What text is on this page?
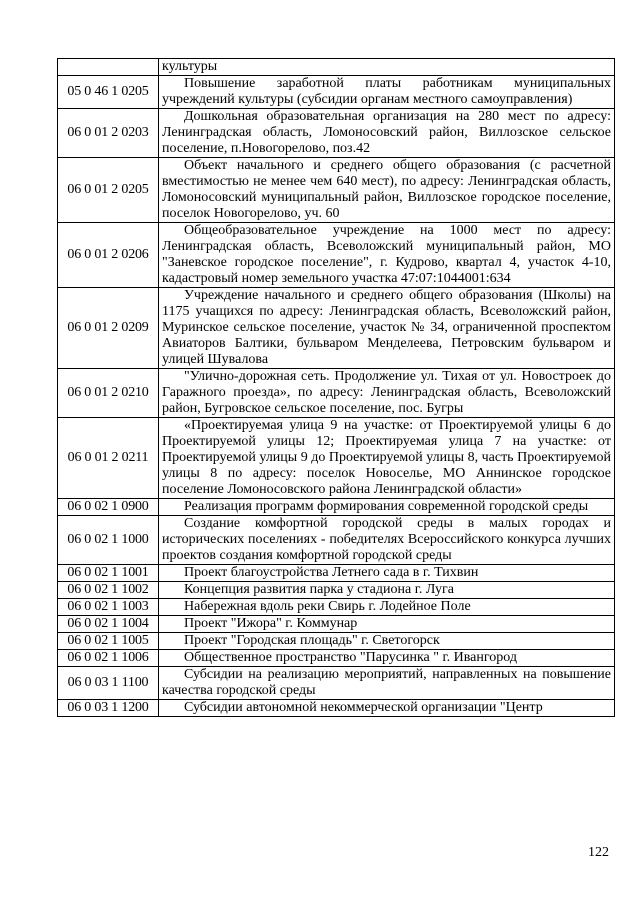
	культуры

05 0 46 1 0205	Повышение заработной платы работникам муниципальных учреждений культуры (субсидии органам местного самоуправления)

06 0 01 2 0203	Дошкольная образовательная организация на 280 мест по адресу: Ленинградская область, Ломоносовский район, Виллозское сельское поселение, п.Новогорелово, поз.42

06 0 01 2 0205	Объект начального и среднего общего образования (с расчетной вместимостью не менее чем 640 мест), по адресу: Ленинградская область, Ломоносовский муниципальный район, Виллозское городское поселение, поселок Новогорелово, уч. 60

06 0 01 2 0206	Общеобразовательное учреждение на 1000 мест по адресу: Ленинградская область, Всеволожский муниципальный район, МО "Заневское городское поселение", г. Кудрово, квартал 4, участок 4-10, кадастровый номер земельного участка 47:07:1044001:634

06 0 01 2 0209	Учреждение начального и среднего общего образования (Школы) на 1175 учащихся по адресу: Ленинградская область, Всеволожский район, Муринское сельское поселение, участок № 34, ограниченной проспектом Авиаторов Балтики, бульваром Менделеева, Петровским бульваром и улицей Шувалова

06 0 01 2 0210	"Улично-дорожная сеть. Продолжение ул. Тихая от ул. Новостроек до Гаражного проезда», по адресу: Ленинградская область, Всеволожский район, Бугровское сельское поселение, пос. Бугры

06 0 01 2 0211	«Проектируемая улица 9 на участке: от Проектируемой улицы 6 до Проектируемой улицы 12; Проектируемая улица 7 на участке: от Проектируемой улицы 9 до Проектируемой улицы 8, часть Проектируемой улицы 8 по адресу: поселок Новоселье, МО Аннинское городское поселение Ломоносовского района Ленинградской области»

06 0 02 1 0900	Реализация программ формирования современной городской среды

06 0 02 1 1000	Создание комфортной городской среды в малых городах и исторических поселениях - победителях Всероссийского конкурса лучших проектов создания комфортной городской среды

06 0 02 1 1001	Проект благоустройства Летнего сада в г. Тихвин

06 0 02 1 1002	Концепция развития парка у стадиона г. Луга

06 0 02 1 1003	Набережная вдоль реки Свирь г. Лодейное Поле

06 0 02 1 1004	Проект "Ижора" г. Коммунар

06 0 02 1 1005	Проект "Городская площадь" г. Светогорск

06 0 02 1 1006	Общественное пространство "Парусинка " г. Ивангород

06 0 03 1 1100	Субсидии на реализацию мероприятий, направленных на повышение качества городской среды

06 0 03 1 1200	Субсидии автономной некоммерческой организации "Центр
122
